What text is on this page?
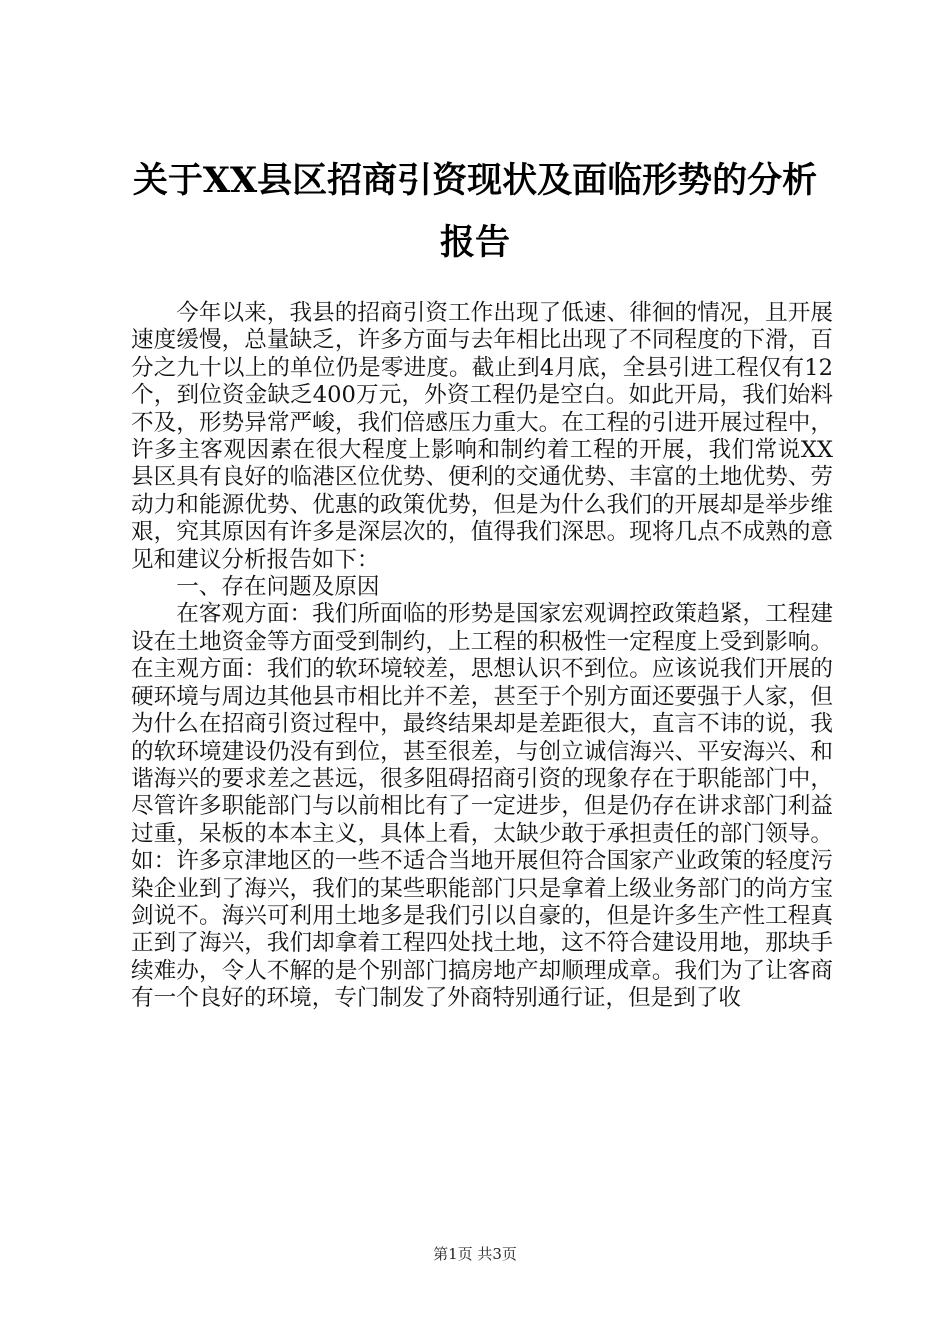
关于XX县区招商引资现状及面临形势的分析报告

今年以来，我县的招商引资工作出现了低速、徘徊的情况，且开展速度缓慢，总量缺乏，许多方面与去年相比出现了不同程度的下滑，百分之九十以上的单位仍是零进度。截止到4月底，全县引进工程仅有12个，到位资金缺乏400万元，外资工程仍是空白。如此开局，我们始料不及，形势异常严峻，我们倍感压力重大。在工程的引进开展过程中，许多主客观因素在很大程度上影响和制约着工程的开展，我们常说XX县区具有良好的临港区位优势、便利的交通优势、丰富的土地优势、劳动力和能源优势、优惠的政策优势，但是为什么我们的开展却是举步维艰，究其原因有许多是深层次的，值得我们深思。现将几点不成熟的意见和建议分析报告如下：

一、存在问题及原因

在客观方面：我们所面临的形势是国家宏观调控政策趋紧，工程建设在土地资金等方面受到制约，上工程的积极性一定程度上受到影响。在主观方面：我们的软环境较差，思想认识不到位。应该说我们开展的硬环境与周边其他县市相比并不差，甚至于个别方面还要强于人家，但为什么在招商引资过程中，最终结果却是差距很大，直言不讳的说，我的软环境建设仍没有到位，甚至很差，与创立诚信海兴、平安海兴、和谐海兴的要求差之甚远，很多阻碍招商引资的现象存在于职能部门中，尽管许多职能部门与以前相比有了一定进步，但是仍存在讲求部门利益过重，呆板的本本主义，具体上看，太缺少敢于承担责任的部门领导。如：许多京津地区的一些不适合当地开展但符合国家产业政策的轻度污染企业到了海兴，我们的某些职能部门只是拿着上级业务部门的尚方宝剑说不。海兴可利用土地多是我们引以自豪的，但是许多生产性工程真正到了海兴，我们却拿着工程四处找土地，这不符合建设用地，那块手续难办，令人不解的是个别部门搞房地产却顺理成章。我们为了让客商有一个良好的环境，专门制发了外商特别通行证，但是到了收

第1页 共3页
